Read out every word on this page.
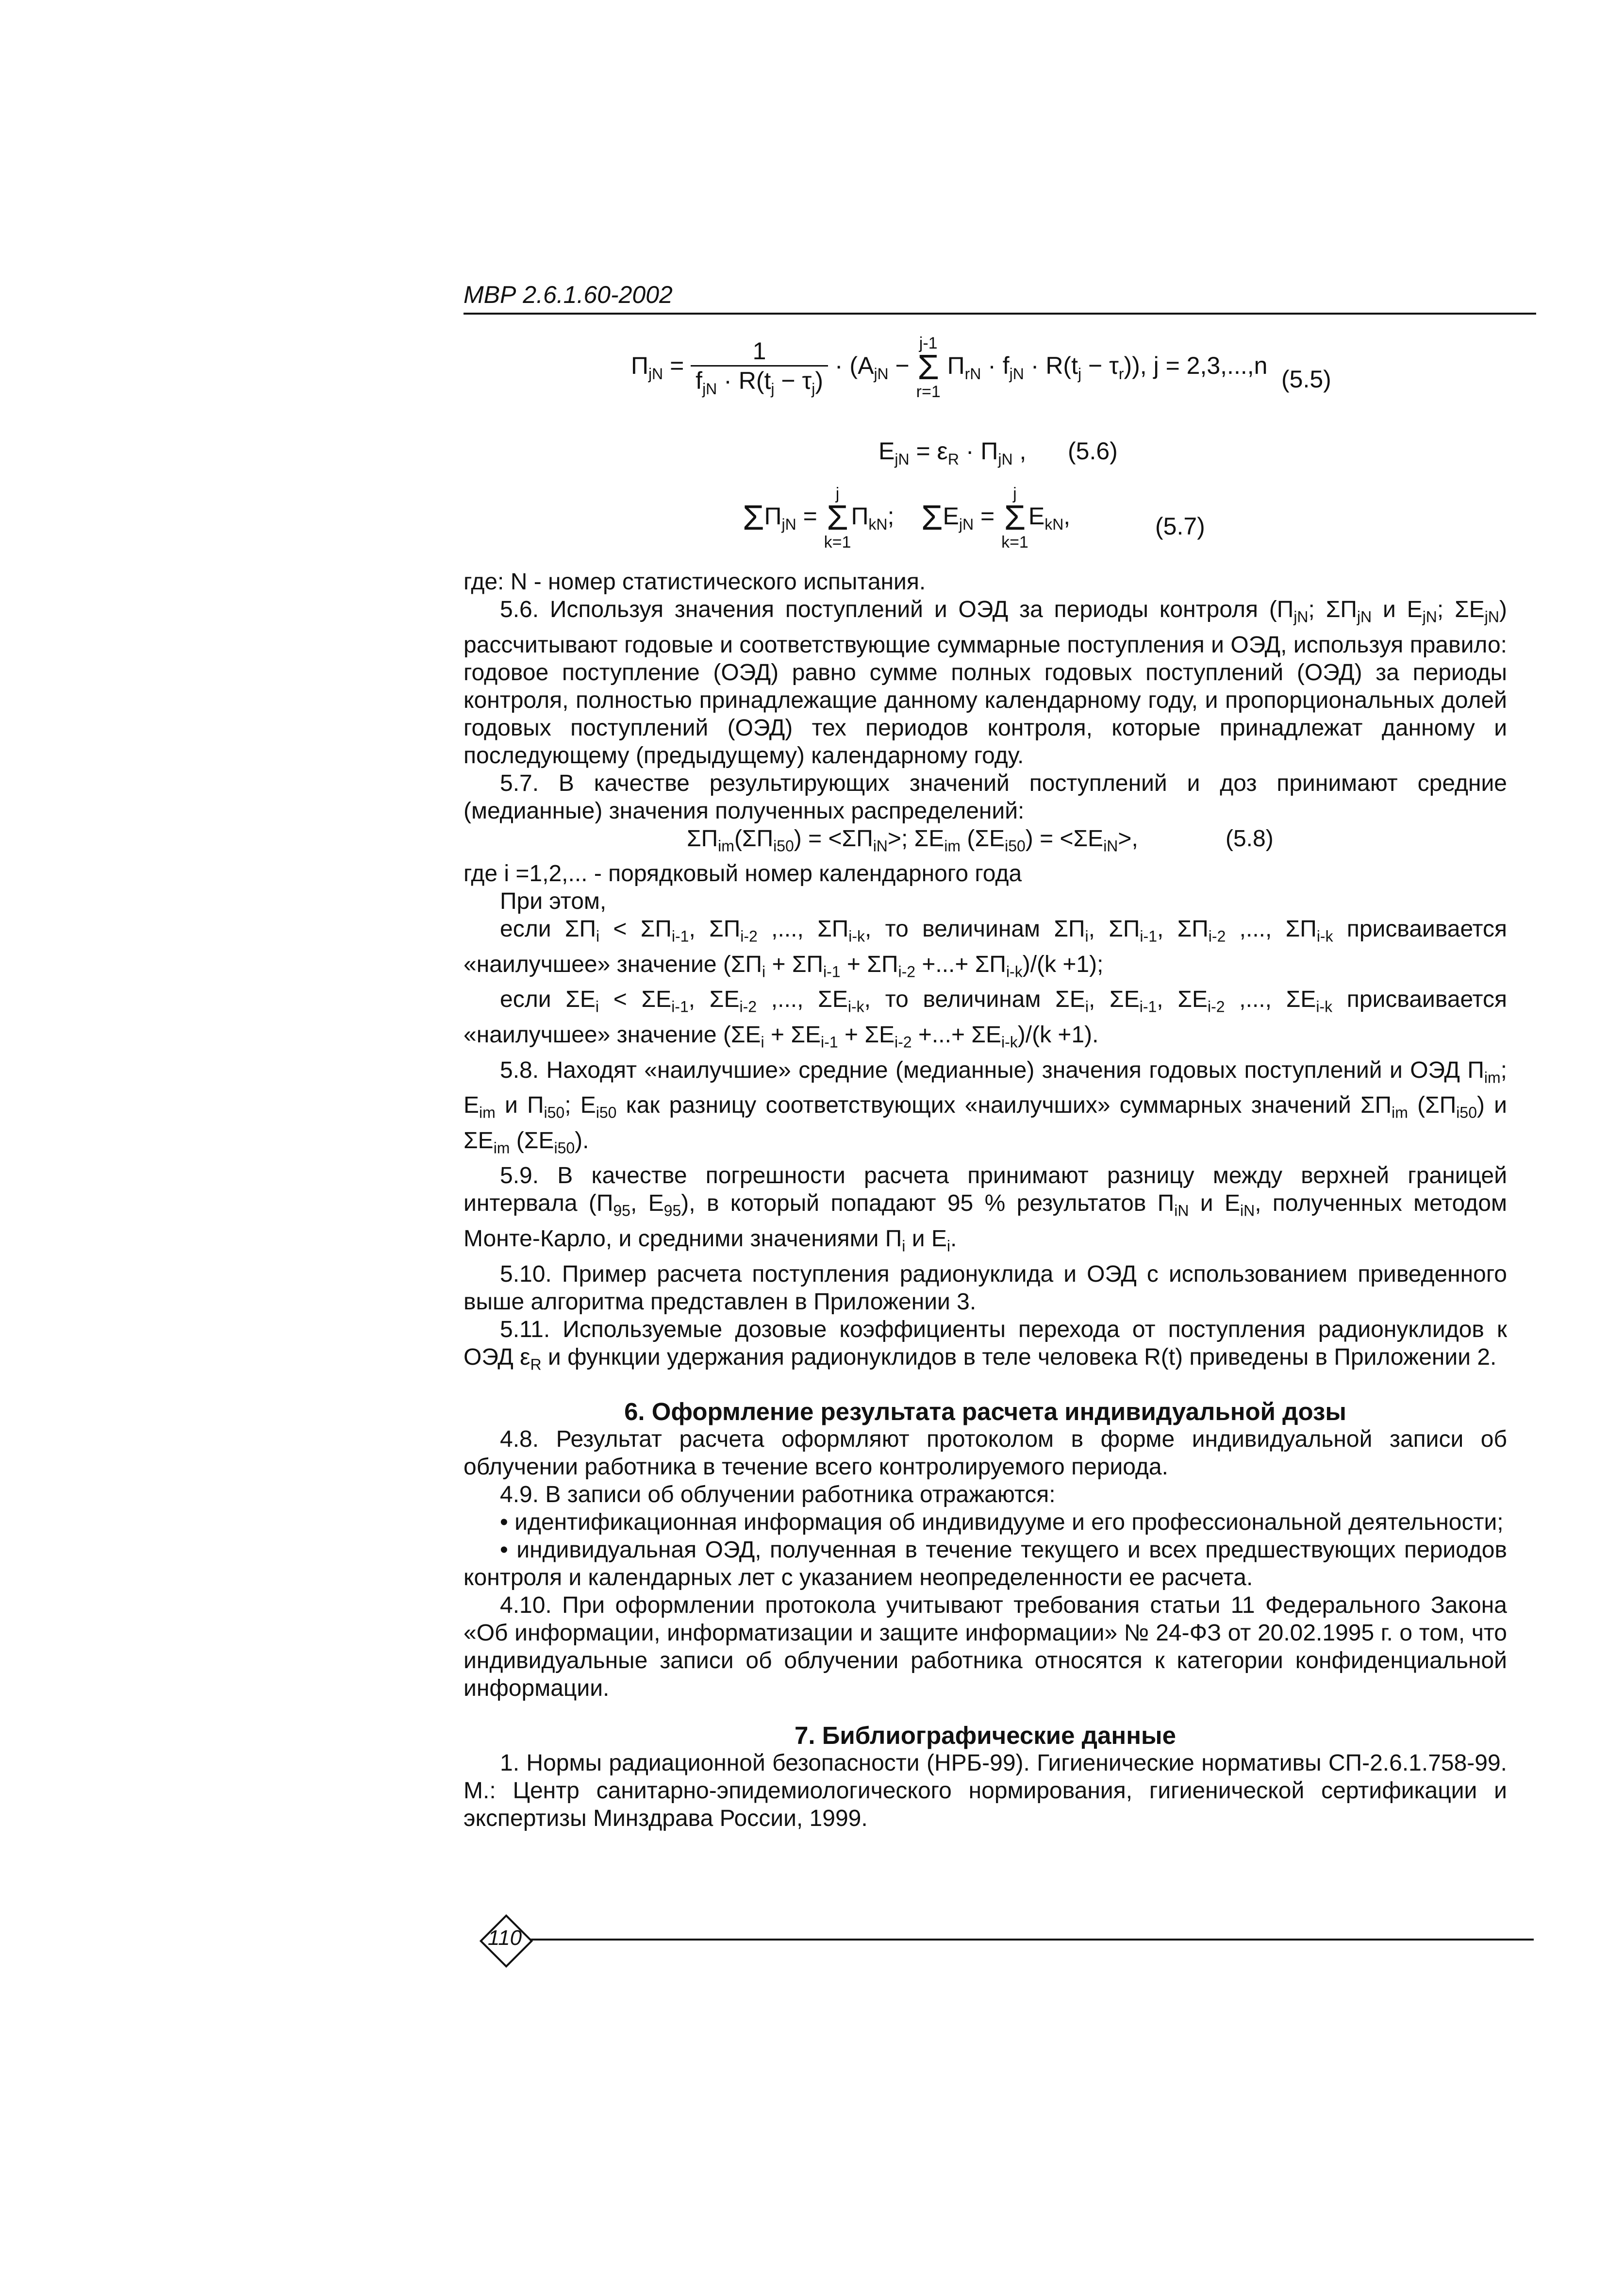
МВР 2.6.1.60-2002
$П_{jN} = \frac{1}{f_{jN} \cdot R(t_j - \tau_j)} \cdot (A_{jN} - j-1$
Σ
r=1 $П_{rN} \cdot f_{jN} \cdot R(t_j - \tau_r)$), j = 2,3,...,n (5.5)
$E_{jN} = \varepsilon_R \cdot П_{jN}$ , (5.6)

Σ $П_{jN} = j$
Σ
$k=1П_{kN}$; Σ $E_{jN} = j$
Σ
$k=1E_{kN}$,	(5.7)

где: N - номер статистического испытания.

5.6. Используя значения поступлений и ОЭД за периоды контроля ($П_{jN}$; $\Sigma П_{jN}$ и $E_{jN}$; $\Sigma E_{jN}$) рассчитывают годовые и соответствующие суммарные поступления и ОЭД, используя правило: годовое поступление (ОЭД) равно сумме полных годовых поступлений (ОЭД) за периоды контроля, полностью принадлежащие данному календарному году, и пропорциональных долей годовых поступлений (ОЭД) тех периодов контроля, которые принадлежат данному и последующему (предыдущему) календарному году.

5.7. В качестве результирующих значений поступлений и доз принимают средние (медианные) значения полученных распределений:

$\Sigma П_{im}(\Sigma П_{i50}) = <\Sigma П_{iN}>$; $\Sigma E_{im}$ $(\Sigma E_{i50}) = <\Sigma E_{iN}>$,	(5.8)

где i =1,2,... - порядковый номер календарного года

При этом,

если $\Sigma П_i < \Sigma П_{i-1}$, $\Sigma П_{i-2}$ ,..., $\Sigma П_{i-k}$, то величинам $\Sigma П_i$, $\Sigma П_{i-1}$, $\Sigma П_{i-2}$ ,..., $\Sigma П_{i-k}$ присваивается «наилучшее» значение ($\Sigma П_i + \Sigma П_{i-1} + \Sigma П_{i-2}$ +...+ $\Sigma П_{i-k})/(k +1)$;

если $\Sigma E_i < \Sigma E_{i-1}$, $\Sigma E_{i-2}$ ,..., $\Sigma E_{i-k}$, то величинам $\Sigma E_i$, $\Sigma E_{i-1}$, $\Sigma E_{i-2}$ ,..., $\Sigma E_{i-k}$ присваивается «наилучшее» значение ($\Sigma E_i + \Sigma E_{i-1} + \Sigma E_{i-2}$ +...+ $\Sigma E_{i-k})/(k +1)$.

5.8. Находят «наилучшие» средние (медианные) значения годовых поступлений и ОЭД $П_{im}$; $E_{im}$ и $П_{i50}$; $E_{i50}$ как разницу соответствующих «наилучших» суммарных значений $\Sigma П_{im}$ $(\Sigma П_{i50})$ и $\Sigma E_{im}$ $(\Sigma E_{i50})$.

5.9. В качестве погрешности расчета принимают разницу между верхней границей интервала ($П_{95}$, $E_{95}$), в который попадают 95 % результатов $П_{iN}$ и $E_{iN}$, полученных методом Монте-Карло, и средними значениями $П_i$ и $E_i$.

5.10. Пример расчета поступления радионуклида и ОЭД с использованием приведенного выше алгоритма представлен в Приложении 3.

5.11. Используемые дозовые коэффициенты перехода от поступления радионуклидов к ОЭД $\varepsilon_R$ и функции удержания радионуклидов в теле человека R(t) приведены в Приложении 2.

6. Оформление результата расчета индивидуальной дозы

4.8. Результат расчета оформляют протоколом в форме индивидуальной записи об облучении работника в течение всего контролируемого периода.

4.9. В записи об облучении работника отражаются:

• идентификационная информация об индивидууме и его профессиональной деятельности;

• индивидуальная ОЭД, полученная в течение текущего и всех предшествующих периодов контроля и календарных лет с указанием неопределенности ее расчета.

4.10. При оформлении протокола учитывают требования статьи 11 Федерального Закона «Об информации, информатизации и защите информации» № 24-ФЗ от 20.02.1995 г. о том, что индивидуальные записи об облучении работника относятся к категории конфиденциальной информации.

7. Библиографические данные

1. Нормы радиационной безопасности (НРБ-99). Гигиенические нормативы СП-2.6.1.758-99. М.: Центр санитарно-эпидемиологического нормирования, гигиенической сертификации и экспертизы Минздрава России, 1999.

110
